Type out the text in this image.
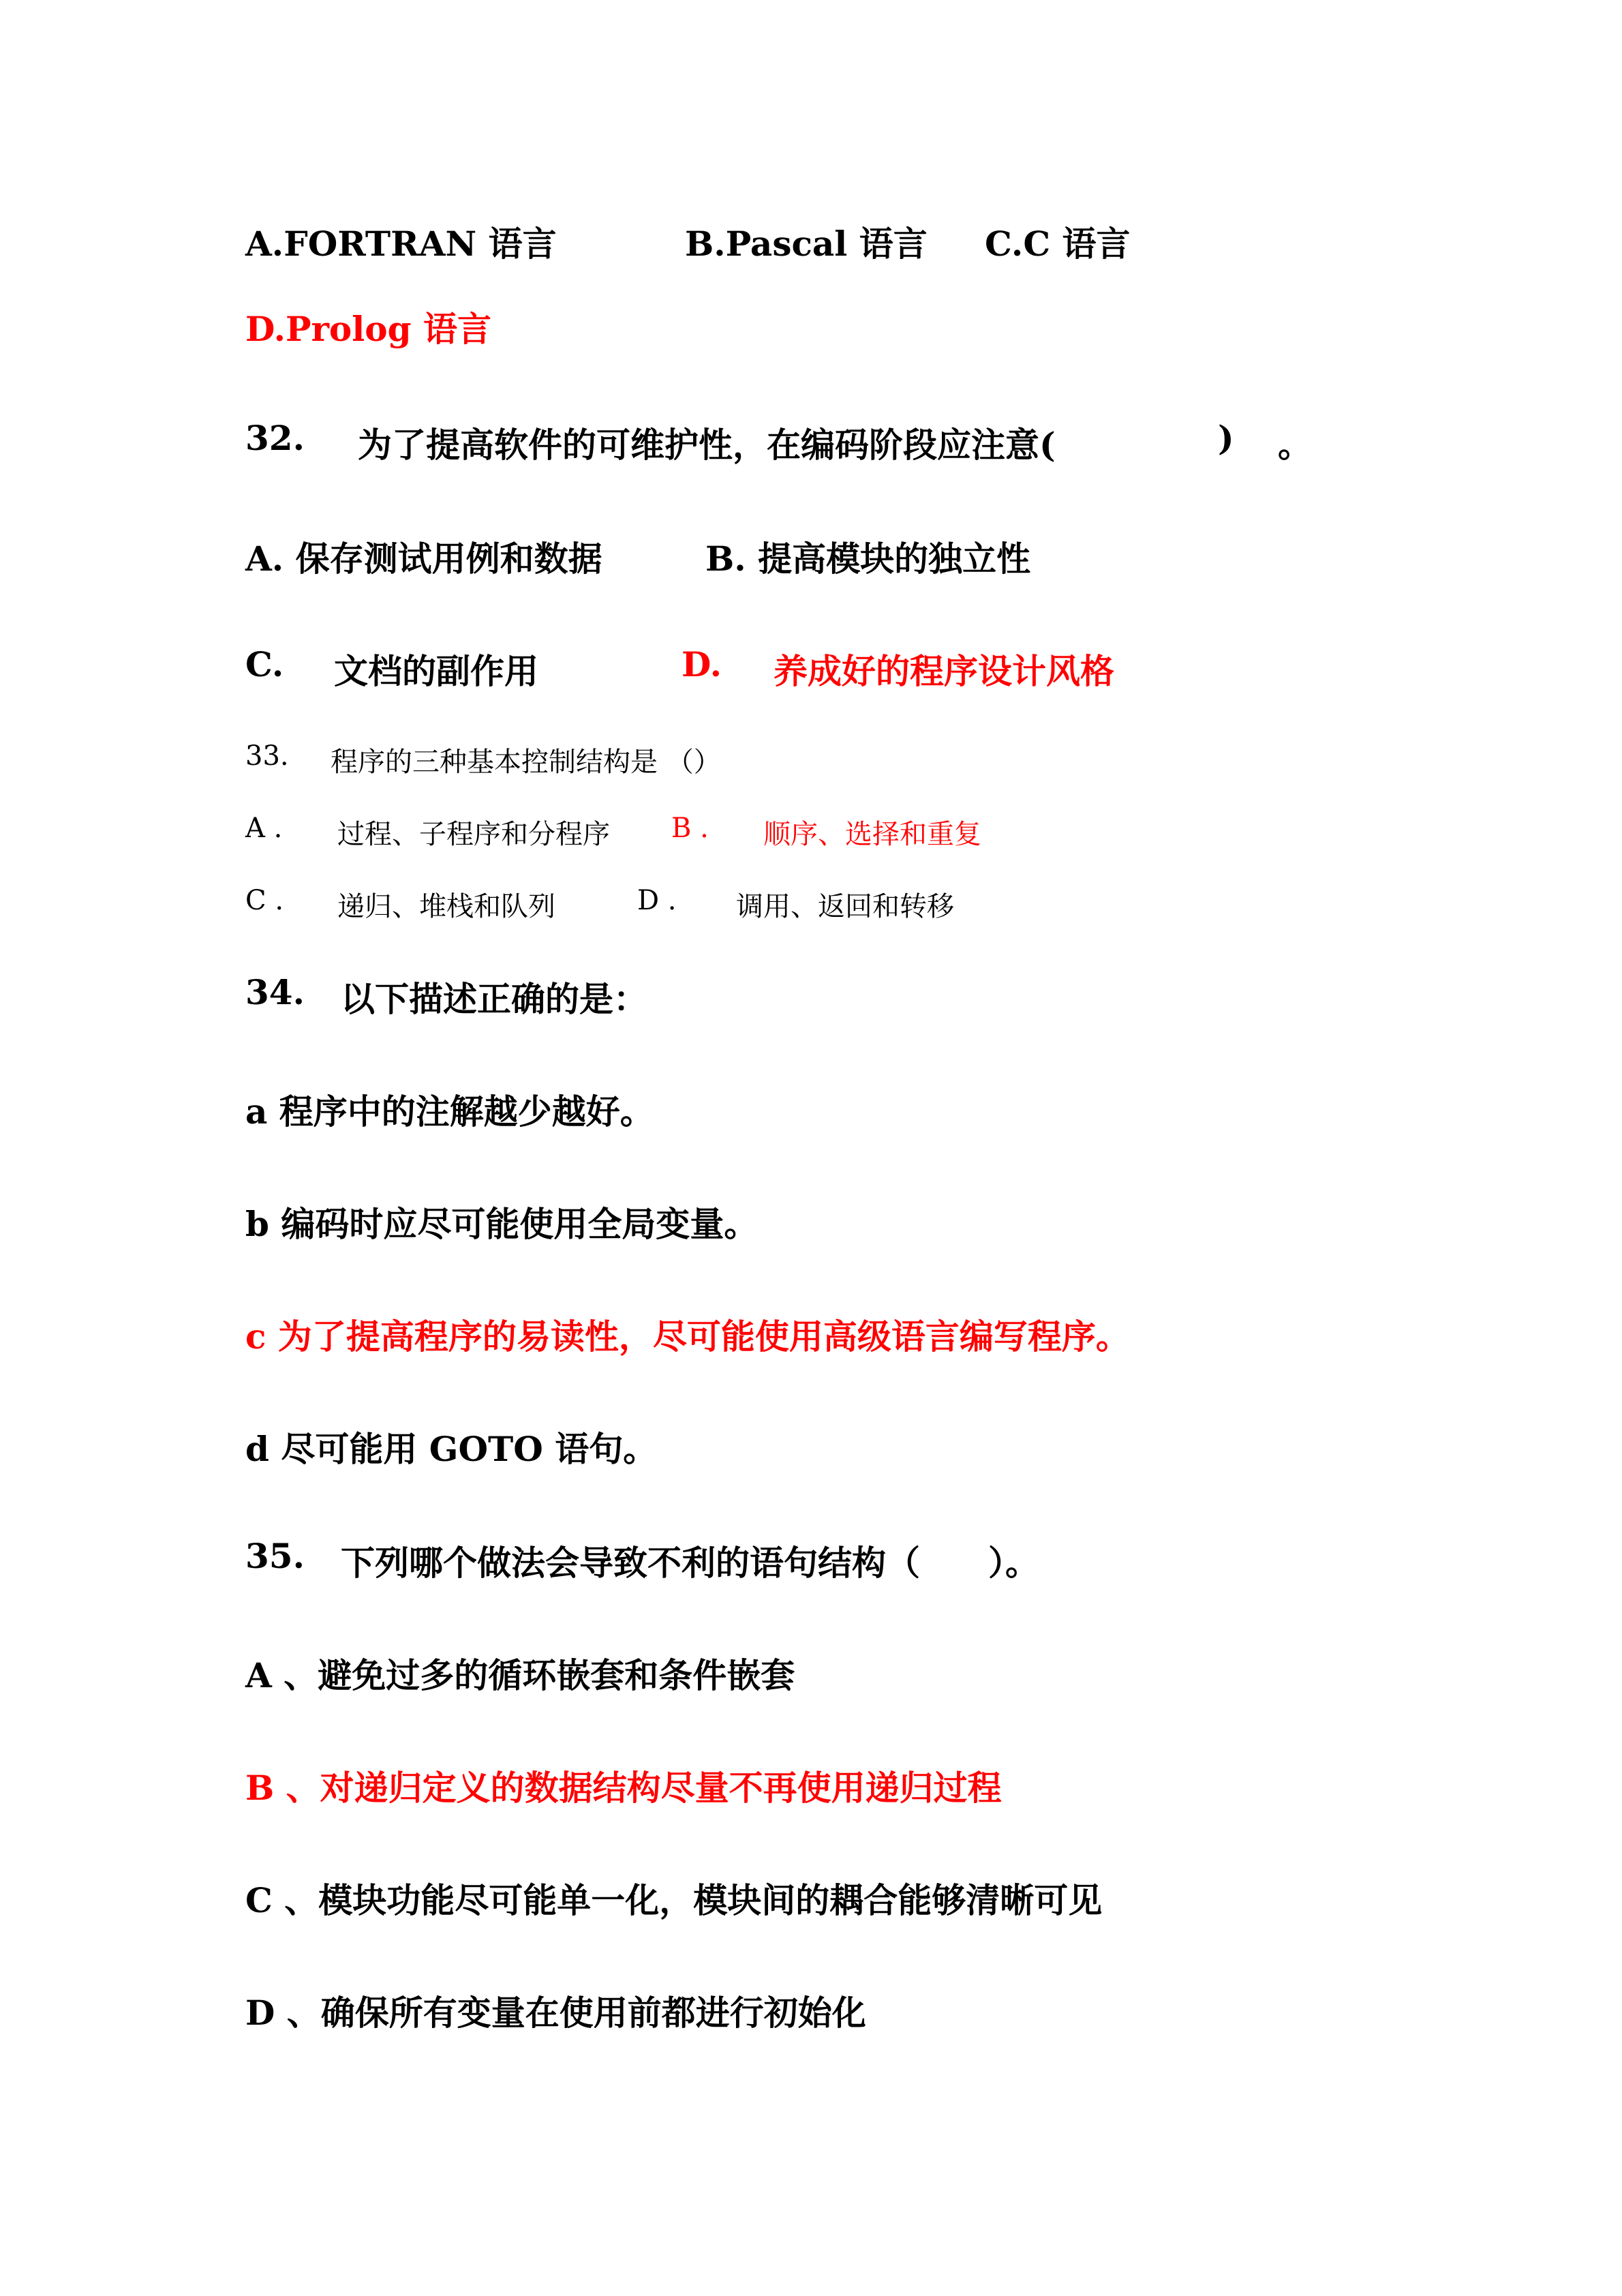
A.FORTRAN 语言	B.Pascal 语言 C.C 语言
D.Prolog 语言
32. 为了提高软件的可维护性，在编码阶段应注意(	) 。
A. 保存测试用例和数据	B. 提高模块的独立性
C. 文档的副作用	D. 养成好的程序设计风格
33. 程序的三种基本控制结构是 （）
A . 过程、子程序和分程序 B . 顺序、选择和重复
C . 递归、堆栈和队列	D . 调用、返回和转移
34. 以下描述正确的是：
a 程序中的注解越少越好。
b 编码时应尽可能使用全局变量。
c 为了提高程序的易读性，尽可能使用高级语言编写程序。
d 尽可能用 GOTO 语句。
35. 下列哪个做法会导致不利的语句结构（　　）。
A 、避免过多的循环嵌套和条件嵌套
B 、对递归定义的数据结构尽量不再使用递归过程
C 、模块功能尽可能单一化，模块间的耦合能够清晰可见
D 、确保所有变量在使用前都进行初始化
